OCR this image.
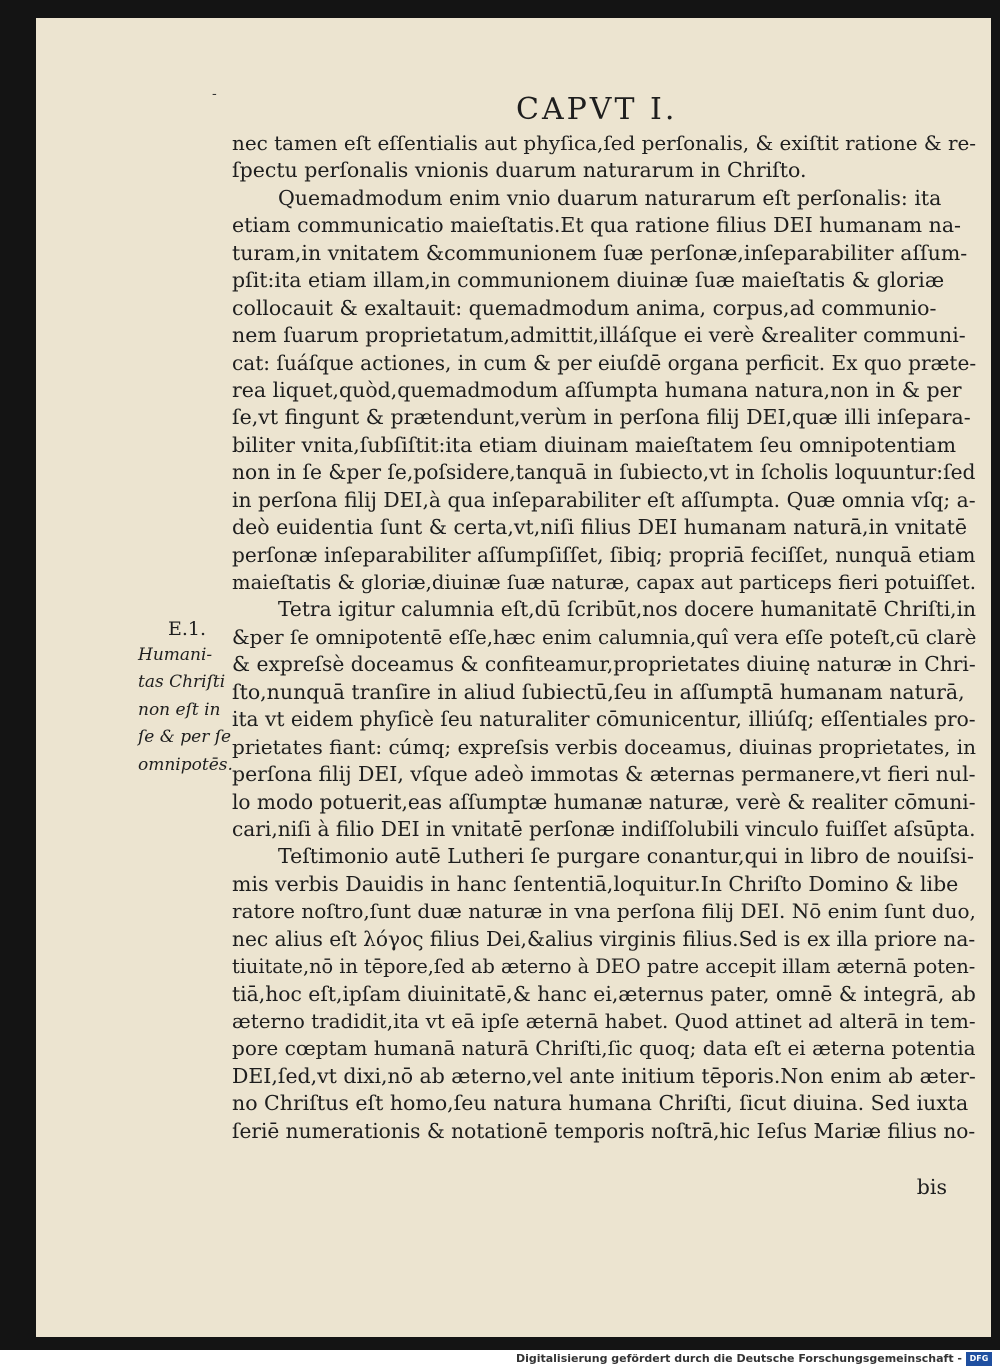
-	CAPVT I.
nec tamen eſt eſſentialis aut phyſica,ſed perſonalis, & exiſtit ratione & re-
ſpectu perſonalis vnionis duarum naturarum in Chriſto.
Quemadmodum enim vnio duarum naturarum eſt perſonalis: ita
etiam communicatio maieſtatis.Et qua ratione filius DEI humanam na-
turam,in vnitatem &communionem ſuæ perſonæ,inſeparabiliter aſſum-
pſit:ita etiam illam,in communionem diuinæ ſuæ maieſtatis & gloriæ
collocauit & exaltauit: quemadmodum anima, corpus,ad communio-
nem ſuarum proprietatum,admittit,illáſque ei verè &realiter communi-
cat: ſuáſque actiones, in cum & per eiuſdē organa perficit. Ex quo præte-
rea liquet,quòd,quemadmodum aſſumpta humana natura,non in & per
ſe,vt fingunt & prætendunt,verùm in perſona filij DEI,quæ illi inſepara-
biliter vnita,ſubſiſtit:ita etiam diuinam maieſtatem ſeu omnipotentiam
non in ſe &per ſe,poſsidere,tanquā in ſubiecto,vt in ſcholis loquuntur:ſed
in perſona filij DEI,à qua inſeparabiliter eſt aſſumpta. Quæ omnia vſq; a-
deò euidentia ſunt & certa,vt,niſi filius DEI humanam naturā,in vnitatē
perſonæ inſeparabiliter aſſumpſiſſet, ſibiq; propriā feciſſet, nunquā etiam
maieſtatis & gloriæ,diuinæ ſuæ naturæ, capax aut particeps fieri potuiſſet.
Tetra igitur calumnia eſt,dū ſcribūt,nos docere humanitatē Chriſti,in
&per ſe omnipotentē eſſe,hæc enim calumnia,quî vera eſſe poteſt,cū clarè
& expreſsè doceamus & confiteamur,proprietates diuinę naturæ in Chri-
ſto,nunquā tranſire in aliud ſubiectū,ſeu in aſſumptā humanam naturā,
ita vt eidem phyſicè ſeu naturaliter cōmunicentur, illiúſq; eſſentiales pro-
prietates fiant: cúmq; expreſsis verbis doceamus, diuinas proprietates, in
perſona filij DEI, vſque adeò immotas & æternas permanere,vt fieri nul-
lo modo potuerit,eas aſſumptæ humanæ naturæ, verè & realiter cōmuni-
cari,niſi à filio DEI in vnitatē perſonæ indiſſolubili vinculo fuiſſet aſsūpta.
Teſtimonio autē Lutheri ſe purgare conantur,qui in libro de nouiſsi-
mis verbis Dauidis in hanc ſententiā,loquitur.In Chriſto Domino & libe
ratore noſtro,ſunt duæ naturæ in vna perſona filij DEI. Nō enim ſunt duo,
nec alius eſt λόγος filius Dei,&alius virginis filius.Sed is ex illa priore na-
tiuitate,nō in tēpore,ſed ab æterno à DEO patre accepit illam æternā poten-
tiā,hoc eſt,ipſam diuinitatē,& hanc ei,æternus pater, omnē & integrā, ab
æterno tradidit,ita vt eā ipſe æternā habet. Quod attinet ad alterā in tem-
pore cœptam humanā naturā Chriſti,ſic quoq; data eſt ei æterna potentia
DEI,ſed,vt dixi,nō ab æterno,vel ante initium tēporis.Non enim ab æter-
no Chriſtus eſt homo,ſeu natura humana Chriſti, ſicut diuina. Sed iuxta
ſeriē numerationis & notationē temporis noſtrā,hic Ieſus Mariæ filius no-
E.1.
Humani-
tas Chriſti
non eſt in
ſe & per ſe
omnipotēs.
bis
Digitalisierung gefördert durch die Deutsche Forschungsgemeinschaft - DFG
